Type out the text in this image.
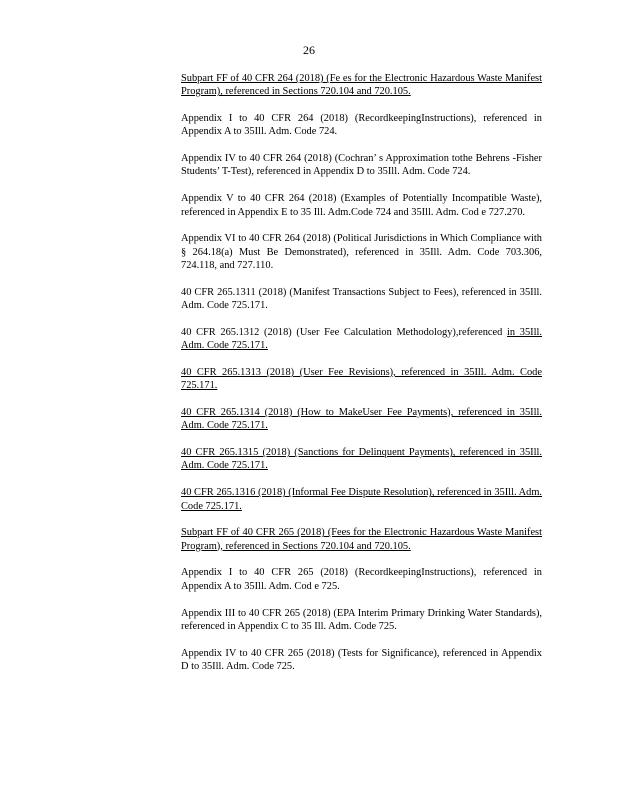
26

Subpart FF of 40 CFR 264 (2018) (Fe es for the Electronic Hazardous Waste Manifest Program), referenced in Sections 720.104 and 720.105.

Appendix I to 40 CFR 264 (2018) (RecordkeepingInstructions), referenced in Appendix A to 35Ill. Adm. Code 724.

Appendix IV to 40 CFR 264 (2018) (Cochran’ s Approximation tothe Behrens -Fisher Students’ T-Test), referenced in Appendix D to 35Ill. Adm. Code 724.

Appendix V to 40 CFR 264 (2018) (Examples of Potentially Incompatible Waste), referenced in Appendix E to 35 Ill. Adm.Code 724 and 35Ill. Adm. Cod e 727.270.

Appendix VI to 40 CFR 264 (2018) (Political Jurisdictions in Which Compliance with § 264.18(a) Must Be Demonstrated), referenced in 35Ill. Adm. Code 703.306, 724.118, and 727.110.

40 CFR 265.1311 (2018) (Manifest Transactions Subject to Fees), referenced in 35Ill. Adm. Code 725.171.

40 CFR 265.1312 (2018) (User Fee Calculation Methodology),referenced in 35Ill. Adm. Code 725.171.

40 CFR 265.1313 (2018) (User Fee Revisions), referenced in 35Ill. Adm. Code 725.171.

40 CFR 265.1314 (2018) (How to MakeUser Fee Payments), referenced in 35Ill. Adm. Code 725.171.

40 CFR 265.1315 (2018) (Sanctions for Delinquent Payments), referenced in 35Ill. Adm. Code 725.171.

40 CFR 265.1316 (2018) (Informal Fee Dispute Resolution), referenced in 35Ill. Adm. Code 725.171.

Subpart FF of 40 CFR 265 (2018) (Fees for the Electronic Hazardous Waste Manifest Program), referenced in Sections 720.104 and 720.105.

Appendix I to 40 CFR 265 (2018) (RecordkeepingInstructions), referenced in Appendix A to 35Ill. Adm. Cod e 725.

Appendix III to 40 CFR 265 (2018) (EPA Interim Primary Drinking Water Standards), referenced in Appendix C to 35 Ill. Adm. Code 725.

Appendix IV to 40 CFR 265 (2018) (Tests for Significance), referenced in Appendix D to 35Ill. Adm. Code 725.
